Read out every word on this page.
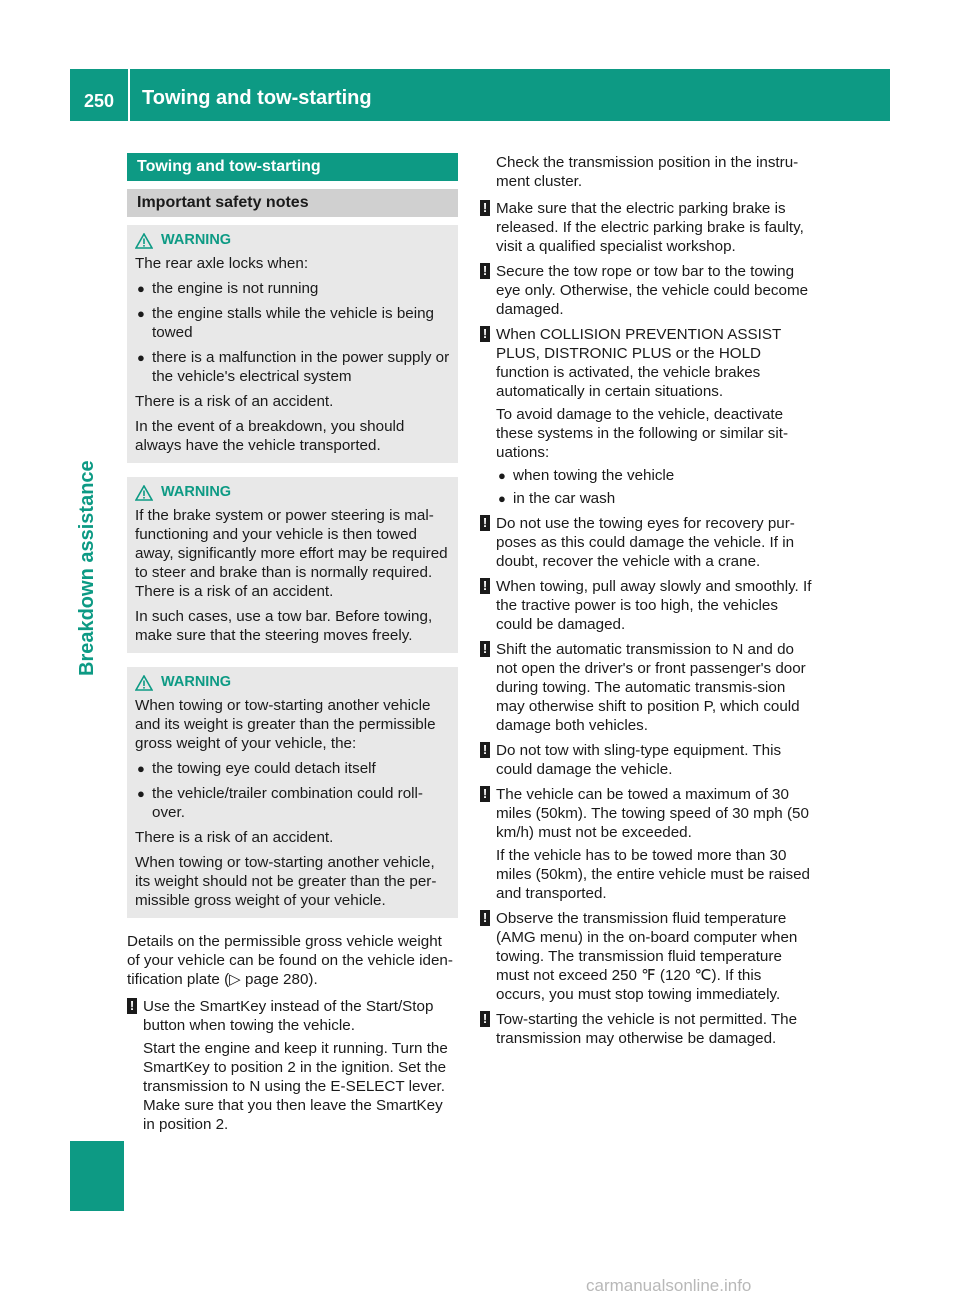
250 Towing and tow-starting
Breakdown assistance
Towing and tow-starting
Important safety notes
WARNING

The rear axle locks when:

● the engine is not running
● the engine stalls while the vehicle is being towed
● there is a malfunction in the power supply or the vehicle's electrical system

There is a risk of an accident.

In the event of a breakdown, you should always have the vehicle transported.

WARNING

If the brake system or power steering is mal-functioning and your vehicle is then towed away, significantly more effort may be required to steer and brake than is normally required. There is a risk of an accident.

In such cases, use a tow bar. Before towing, make sure that the steering moves freely.

WARNING

When towing or tow-starting another vehicle and its weight is greater than the permissible gross weight of your vehicle, the:

● the towing eye could detach itself
● the vehicle/trailer combination could roll-over.

There is a risk of an accident.

When towing or tow-starting another vehicle, its weight should not be greater than the per-missible gross weight of your vehicle.

Details on the permissible gross vehicle weight of your vehicle can be found on the vehicle iden-tification plate (▷ page 280).

! Use the SmartKey instead of the Start/Stop button when towing the vehicle.
Start the engine and keep it running. Turn the SmartKey to position 2 in the ignition. Set the transmission to N using the E-SELECT lever. Make sure that you then leave the SmartKey in position 2.

Check the transmission position in the instru-ment cluster.

! Make sure that the electric parking brake is released. If the electric parking brake is faulty, visit a qualified specialist workshop.
! Secure the tow rope or tow bar to the towing eye only. Otherwise, the vehicle could become damaged.
! When COLLISION PREVENTION ASSIST PLUS, DISTRONIC PLUS or the HOLD function is activated, the vehicle brakes automatically in certain situations.
To avoid damage to the vehicle, deactivate these systems in the following or similar sit-uations:
● when towing the vehicle
● in the car wash
! Do not use the towing eyes for recovery pur-poses as this could damage the vehicle. If in doubt, recover the vehicle with a crane.
! When towing, pull away slowly and smoothly. If the tractive power is too high, the vehicles could be damaged.
! Shift the automatic transmission to N and do not open the driver's or front passenger's door during towing. The automatic transmis-sion may otherwise shift to position P, which could damage both vehicles.
! Do not tow with sling-type equipment. This could damage the vehicle.
! The vehicle can be towed a maximum of 30 miles (50km). The towing speed of 30 mph (50 km/h) must not be exceeded.
If the vehicle has to be towed more than 30 miles (50km), the entire vehicle must be raised and transported.
! Observe the transmission fluid temperature (AMG menu) in the on-board computer when towing. The transmission fluid temperature must not exceed 250 ℉ (120 ℃). If this occurs, you must stop towing immediately.
! Tow-starting the vehicle is not permitted. The transmission may otherwise be damaged.
carmanualsonline.info
